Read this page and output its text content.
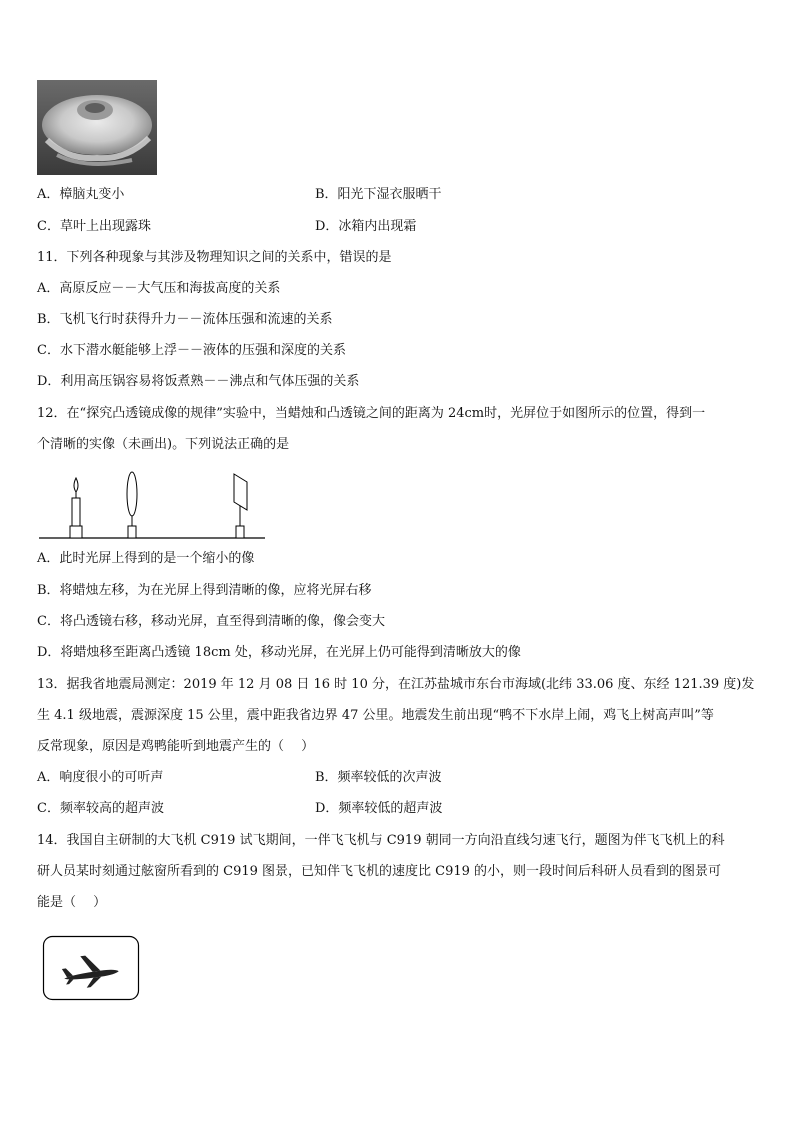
A．樟脑丸变小	B．阳光下湿衣服晒干
C．草叶上出现露珠	D．冰箱内出现霜
11．下列各种现象与其涉及物理知识之间的关系中，错误的是
A．高原反应－－大气压和海拔高度的关系
B．飞机飞行时获得升力－－流体压强和流速的关系
C．水下潜水艇能够上浮－－液体的压强和深度的关系
D．利用高压锅容易将饭煮熟－－沸点和气体压强的关系
12．在“探究凸透镜成像的规律”实验中，当蜡烛和凸透镜之间的距离为 24cm时，光屏位于如图所示的位置，得到一
个清晰的实像（未画出)。下列说法正确的是
A．此时光屏上得到的是一个缩小的像
B．将蜡烛左移，为在光屏上得到清晰的像，应将光屏右移
C．将凸透镜右移，移动光屏，直至得到清晰的像，像会变大
D．将蜡烛移至距离凸透镜 18cm 处，移动光屏，在光屏上仍可能得到清晰放大的像
13．据我省地震局测定：2019 年 12 月 08 日 16 时 10 分，在江苏盐城市东台市海域(北纬 33.06 度、东经 121.39 度)发
生 4.1 级地震，震源深度 15 公里，震中距我省边界 47 公里。地震发生前出现“鸭不下水岸上闹，鸡飞上树高声叫”等
反常现象，原因是鸡鸭能听到地震产生的（　 ）
A．响度很小的可听声	B．频率较低的次声波
C．频率较高的超声波	D．频率较低的超声波
14．我国自主研制的大飞机 C919 试飞期间，一伴飞飞机与 C919 朝同一方向沿直线匀速飞行，题图为伴飞飞机上的科
研人员某时刻通过舷窗所看到的 C919 图景，已知伴飞飞机的速度比 C919 的小，则一段时间后科研人员看到的图景可
能是（　 ）
